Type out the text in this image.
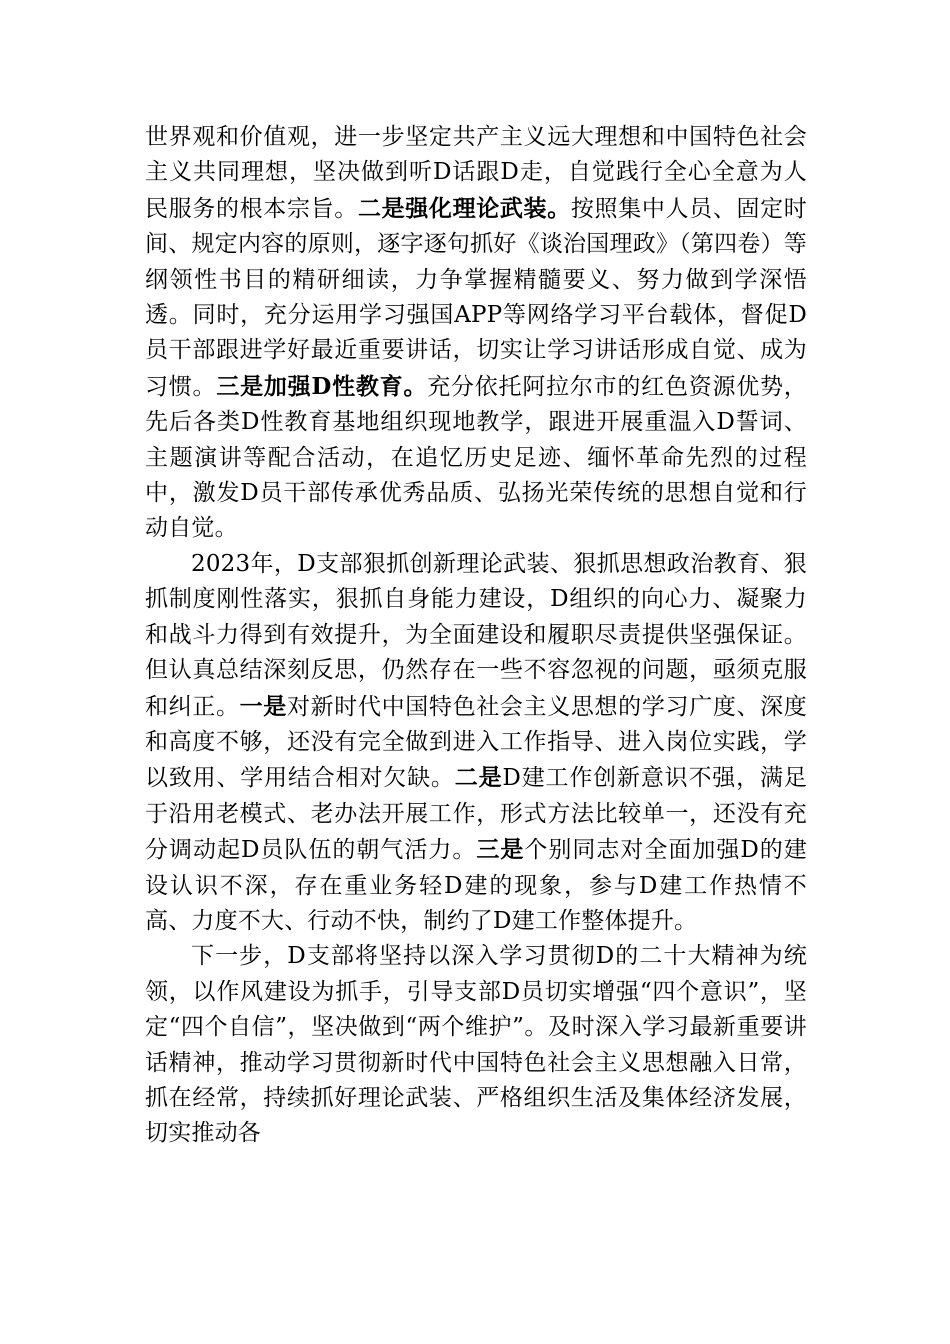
世界观和价值观，进一步坚定共产主义远大理想和中国特色社会主义共同理想，坚决做到听D话跟D走，自觉践行全心全意为人民服务的根本宗旨。二是强化理论武装。按照集中人员、固定时间、规定内容的原则，逐字逐句抓好《谈治国理政》（第四卷）等纲领性书目的精研细读，力争掌握精髓要义、努力做到学深悟透。同时，充分运用学习强国APP等网络学习平台载体，督促D员干部跟进学好最近重要讲话，切实让学习讲话形成自觉、成为习惯。三是加强D性教育。充分依托阿拉尔市的红色资源优势，先后各类D性教育基地组织现地教学，跟进开展重温入D誓词、主题演讲等配合活动，在追忆历史足迹、缅怀革命先烈的过程中，激发D员干部传承优秀品质、弘扬光荣传统的思想自觉和行动自觉。

2023年，D支部狠抓创新理论武装、狠抓思想政治教育、狠抓制度刚性落实，狠抓自身能力建设，D组织的向心力、凝聚力和战斗力得到有效提升，为全面建设和履职尽责提供坚强保证。但认真总结深刻反思，仍然存在一些不容忽视的问题，亟须克服和纠正。一是对新时代中国特色社会主义思想的学习广度、深度和高度不够，还没有完全做到进入工作指导、进入岗位实践，学以致用、学用结合相对欠缺。二是D建工作创新意识不强，满足于沿用老模式、老办法开展工作，形式方法比较单一，还没有充分调动起D员队伍的朝气活力。三是个别同志对全面加强D的建设认识不深，存在重业务轻D建的现象，参与D建工作热情不高、力度不大、行动不快，制约了D建工作整体提升。

下一步，D支部将坚持以深入学习贯彻D的二十大精神为统领，以作风建设为抓手，引导支部D员切实增强“四个意识”，坚定“四个自信”，坚决做到“两个维护”。及时深入学习最新重要讲话精神，推动学习贯彻新时代中国特色社会主义思想融入日常，抓在经常，持续抓好理论武装、严格组织生活及集体经济发展，切实推动各
